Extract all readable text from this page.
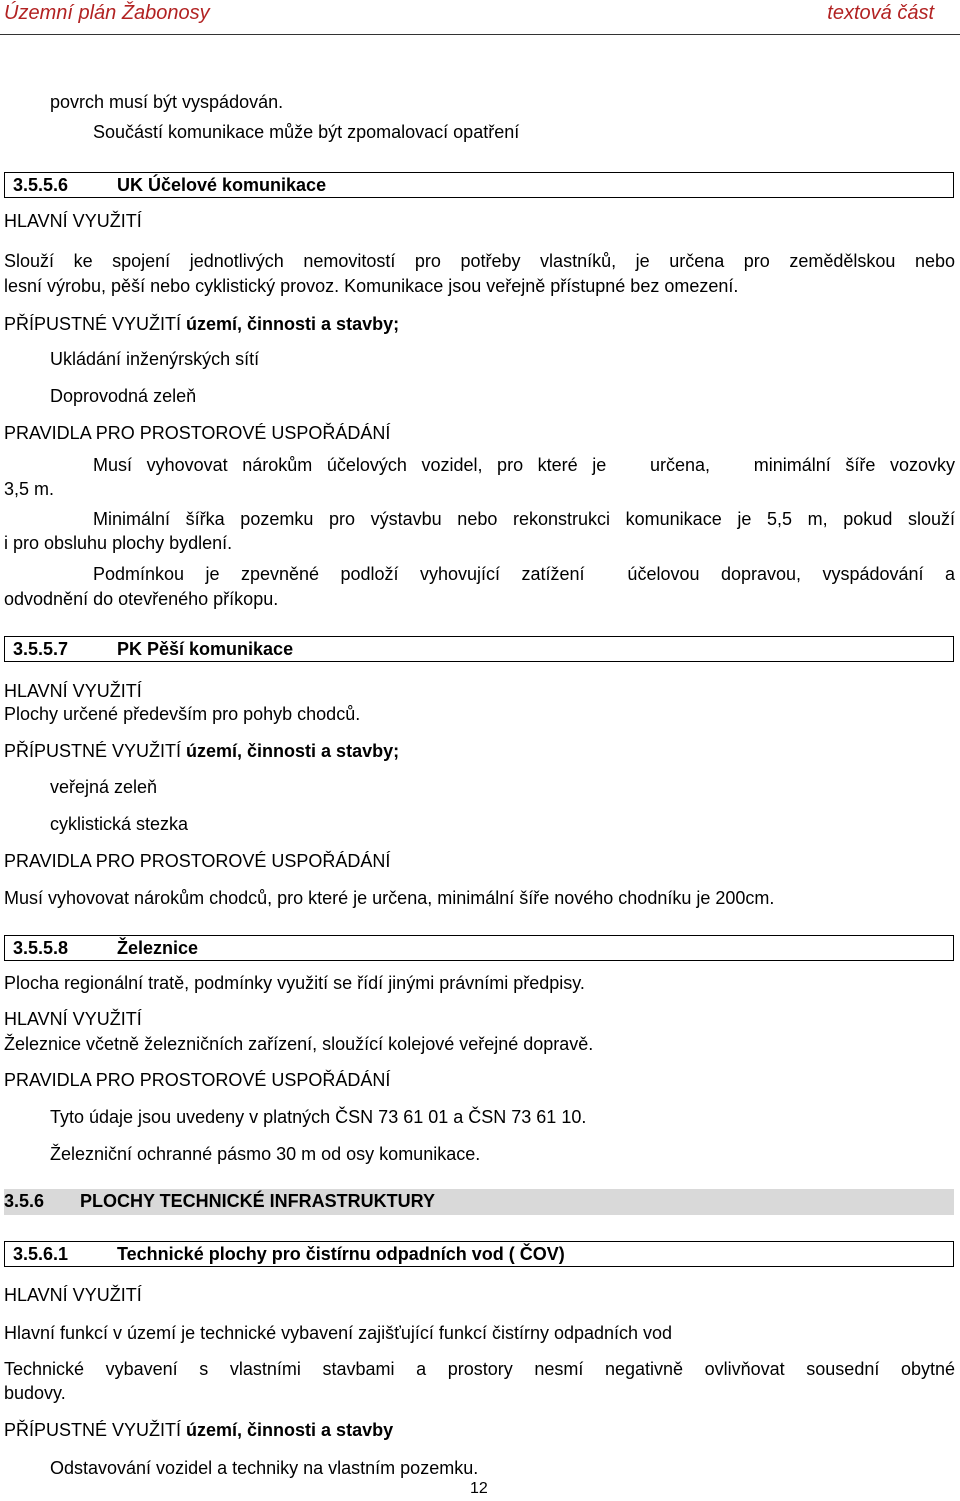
Územní plán Žabonosy	textová část
povrch musí být vyspádován.
Součástí komunikace může být zpomalovací opatření
3.5.5.6	UK Účelové komunikace
HLAVNÍ VYUŽITÍ
Slouží ke spojení jednotlivých nemovitostí pro potřeby vlastníků, je určena pro zemědělskou nebo
lesní výrobu, pěší nebo cyklistický provoz. Komunikace jsou veřejně přístupné bez omezení.
PŘÍPUSTNÉ VYUŽITÍ území, činnosti a stavby;
Ukládání inženýrských sítí
Doprovodná zeleň
PRAVIDLA PRO PROSTOROVÉ USPOŘÁDÁNÍ
Musí vyhovovat nárokům účelových vozidel, pro které je   určena,   minimální šíře vozovky
3,5 m.
Minimální šířka pozemku pro výstavbu nebo rekonstrukci komunikace je 5,5 m, pokud slouží
i pro obsluhu plochy bydlení.
Podmínkou je zpevněné podloží vyhovující zatížení  účelovou dopravou, vyspádování a
odvodnění do otevřeného příkopu.
3.5.5.7	PK Pěší komunikace
HLAVNÍ VYUŽITÍ
Plochy určené především pro pohyb chodců.
PŘÍPUSTNÉ VYUŽITÍ území, činnosti a stavby;
veřejná zeleň
cyklistická stezka
PRAVIDLA PRO PROSTOROVÉ USPOŘÁDÁNÍ
Musí vyhovovat nárokům chodců, pro které je určena, minimální šíře nového chodníku je 200cm.
3.5.5.8	Železnice
Plocha regionální tratě, podmínky využití se řídí jinými právními předpisy.
HLAVNÍ VYUŽITÍ
Železnice včetně železničních zařízení, sloužící kolejové veřejné dopravě.
PRAVIDLA PRO PROSTOROVÉ USPOŘÁDÁNÍ
Tyto údaje jsou uvedeny v platných ČSN 73 61 01 a ČSN 73 61 10.
Železniční ochranné pásmo 30 m od osy komunikace.
3.5.6 PLOCHY TECHNICKÉ INFRASTRUKTURY
3.5.6.1	Technické plochy pro čistírnu odpadních vod ( ČOV)
HLAVNÍ VYUŽITÍ
Hlavní funkcí v území je technické vybavení zajišťující funkcí čistírny odpadních vod
Technické vybavení s vlastními stavbami a prostory nesmí negativně ovlivňovat sousední obytné
budovy.
PŘÍPUSTNÉ VYUŽITÍ území, činnosti a stavby
Odstavování vozidel a techniky na vlastním pozemku.
12
